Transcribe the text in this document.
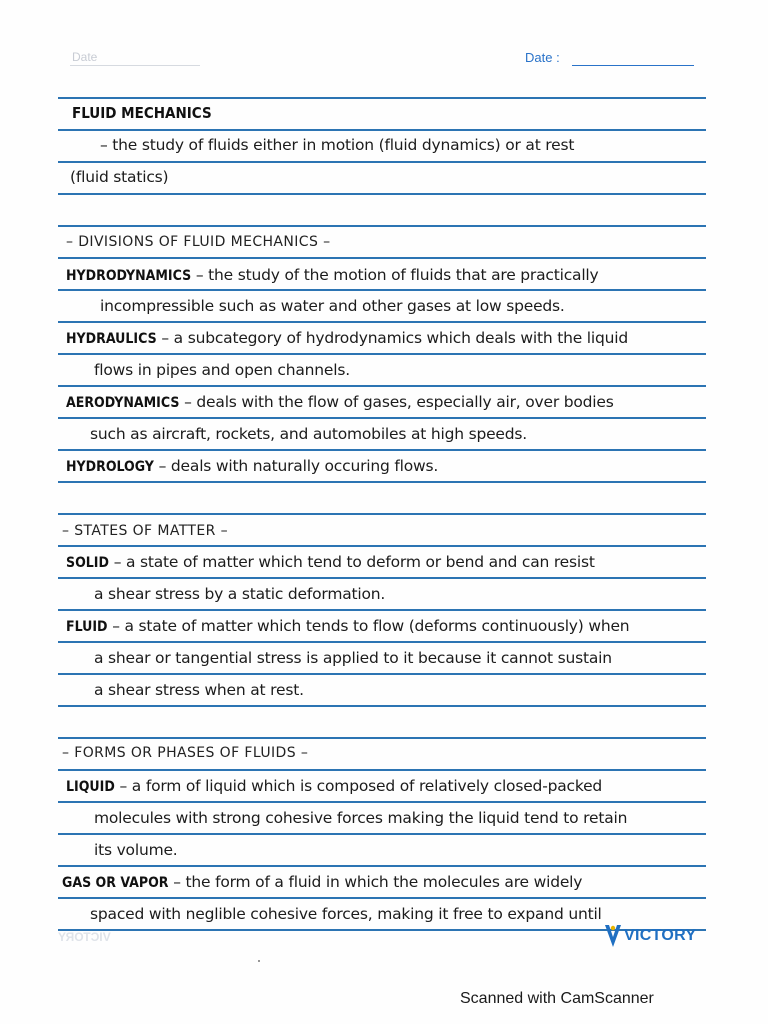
Date	Date :
FLUID MECHANICS
– the study of fluids either in motion (fluid dynamics) or at rest
(fluid statics)
– DIVISIONS OF FLUID MECHANICS –
HYDRODYNAMICS – the study of the motion of fluids that are practically
incompressible such as water and other gases at low speeds.
HYDRAULICS – a subcategory of hydrodynamics which deals with the liquid
flows in pipes and open channels.
AERODYNAMICS – deals with the flow of gases, especially air, over bodies
such as aircraft, rockets, and automobiles at high speeds.
HYDROLOGY – deals with naturally occuring flows.
– STATES OF MATTER –
SOLID – a state of matter which tend to deform or bend and can resist
a shear stress by a static deformation.
FLUID – a state of matter which tends to flow (deforms continuously) when
a shear or tangential stress is applied to it because it cannot sustain
a shear stress when at rest.
– FORMS OR PHASES OF FLUIDS –
LIQUID – a form of liquid which is composed of relatively closed-packed
molecules with strong cohesive forces making the liquid tend to retain
its volume.
GAS OR VAPOR – the form of a fluid in which the molecules are widely
spaced with neglible cohesive forces, making it free to expand until
VICTORY	VICTORY
Scanned with CamScanner
